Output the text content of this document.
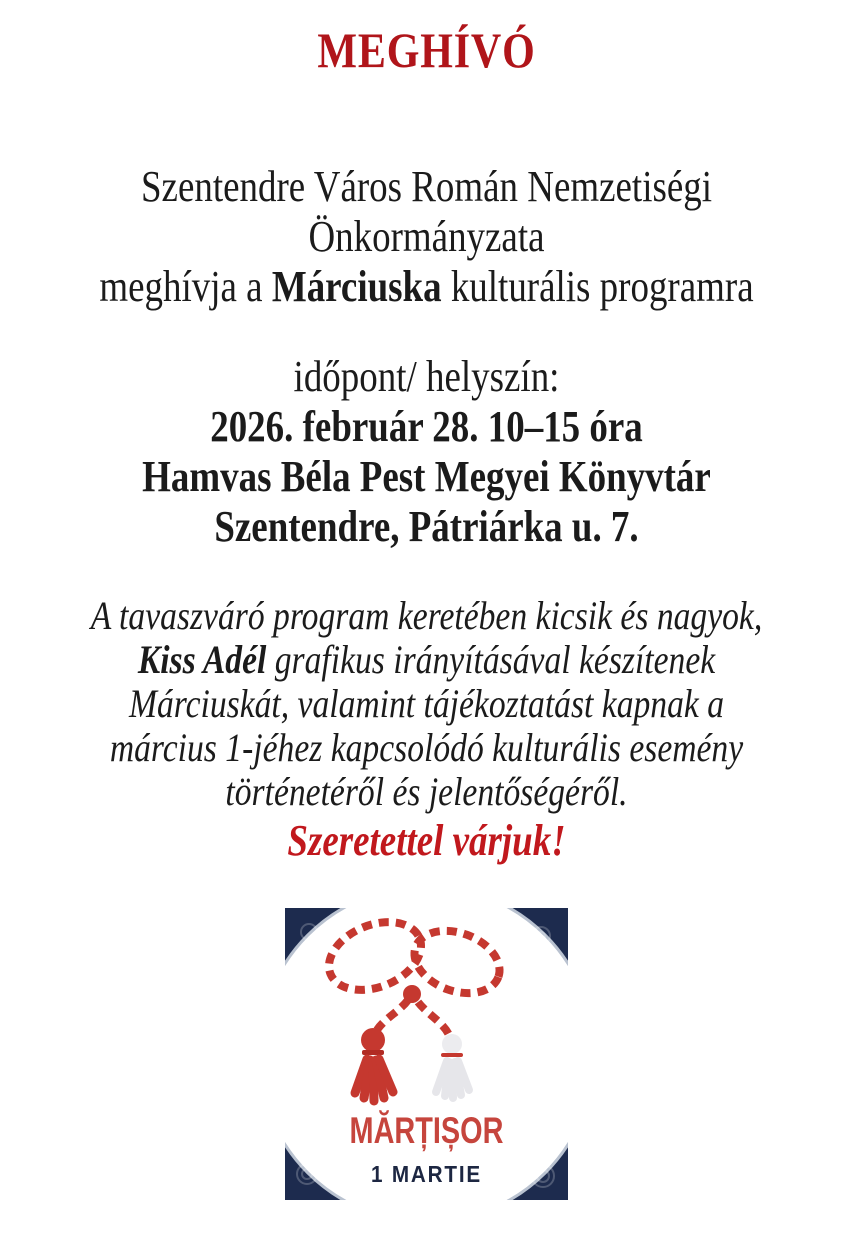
MEGHÍVÓ
Szentendre Város Román Nemzetiségi
Önkormányzata
meghívja a Márciuska kulturális programra
időpont/ helyszín:
2026. február 28. 10–15 óra
Hamvas Béla Pest Megyei Könyvtár
Szentendre, Pátriárka u. 7.
A tavaszváró program keretében kicsik és nagyok,
Kiss Adél grafikus irányításával készítenek
Márciuskát, valamint tájékoztatást kapnak a
március 1-jéhez kapcsolódó kulturális esemény
történetéről és jelentőségéről.
Szeretettel várjuk!
MĂRȚIȘOR
1 MARTIE
